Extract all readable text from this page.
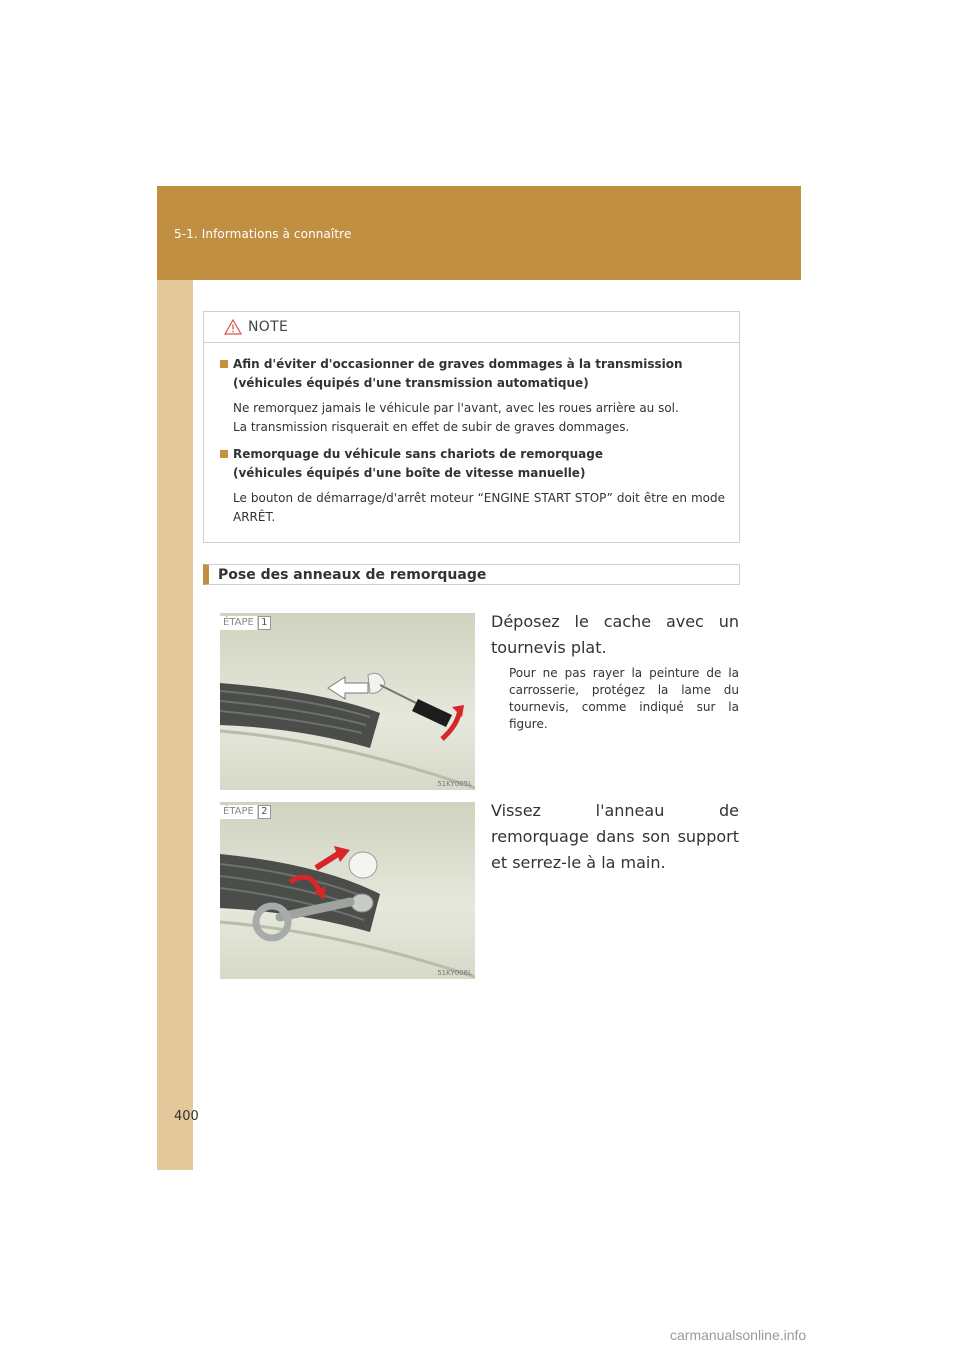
5-1. Informations à connaître
NOTE
Afin d'éviter d'occasionner de graves dommages à la transmission
(véhicules équipés d'une transmission automatique)
Ne remorquez jamais le véhicule par l'avant, avec les roues arrière au sol.
La transmission risquerait en effet de subir de graves dommages.
Remorquage du véhicule sans chariots de remorquage
(véhicules équipés d'une boîte de vitesse manuelle)
Le bouton de démarrage/d'arrêt moteur “ENGINE START STOP” doit être en mode ARRÊT.
Pose des anneaux de remorquage
ÉTAPE 1
51KY005L
Déposez le cache avec un tournevis plat.
Pour ne pas rayer la peinture de la carrosserie, protégez la lame du tournevis, comme indiqué sur la figure.
ÉTAPE 2
51KY006L
Vissez l'anneau de remorquage dans son support et serrez-le à la main.
400
carmanualsonline.info
